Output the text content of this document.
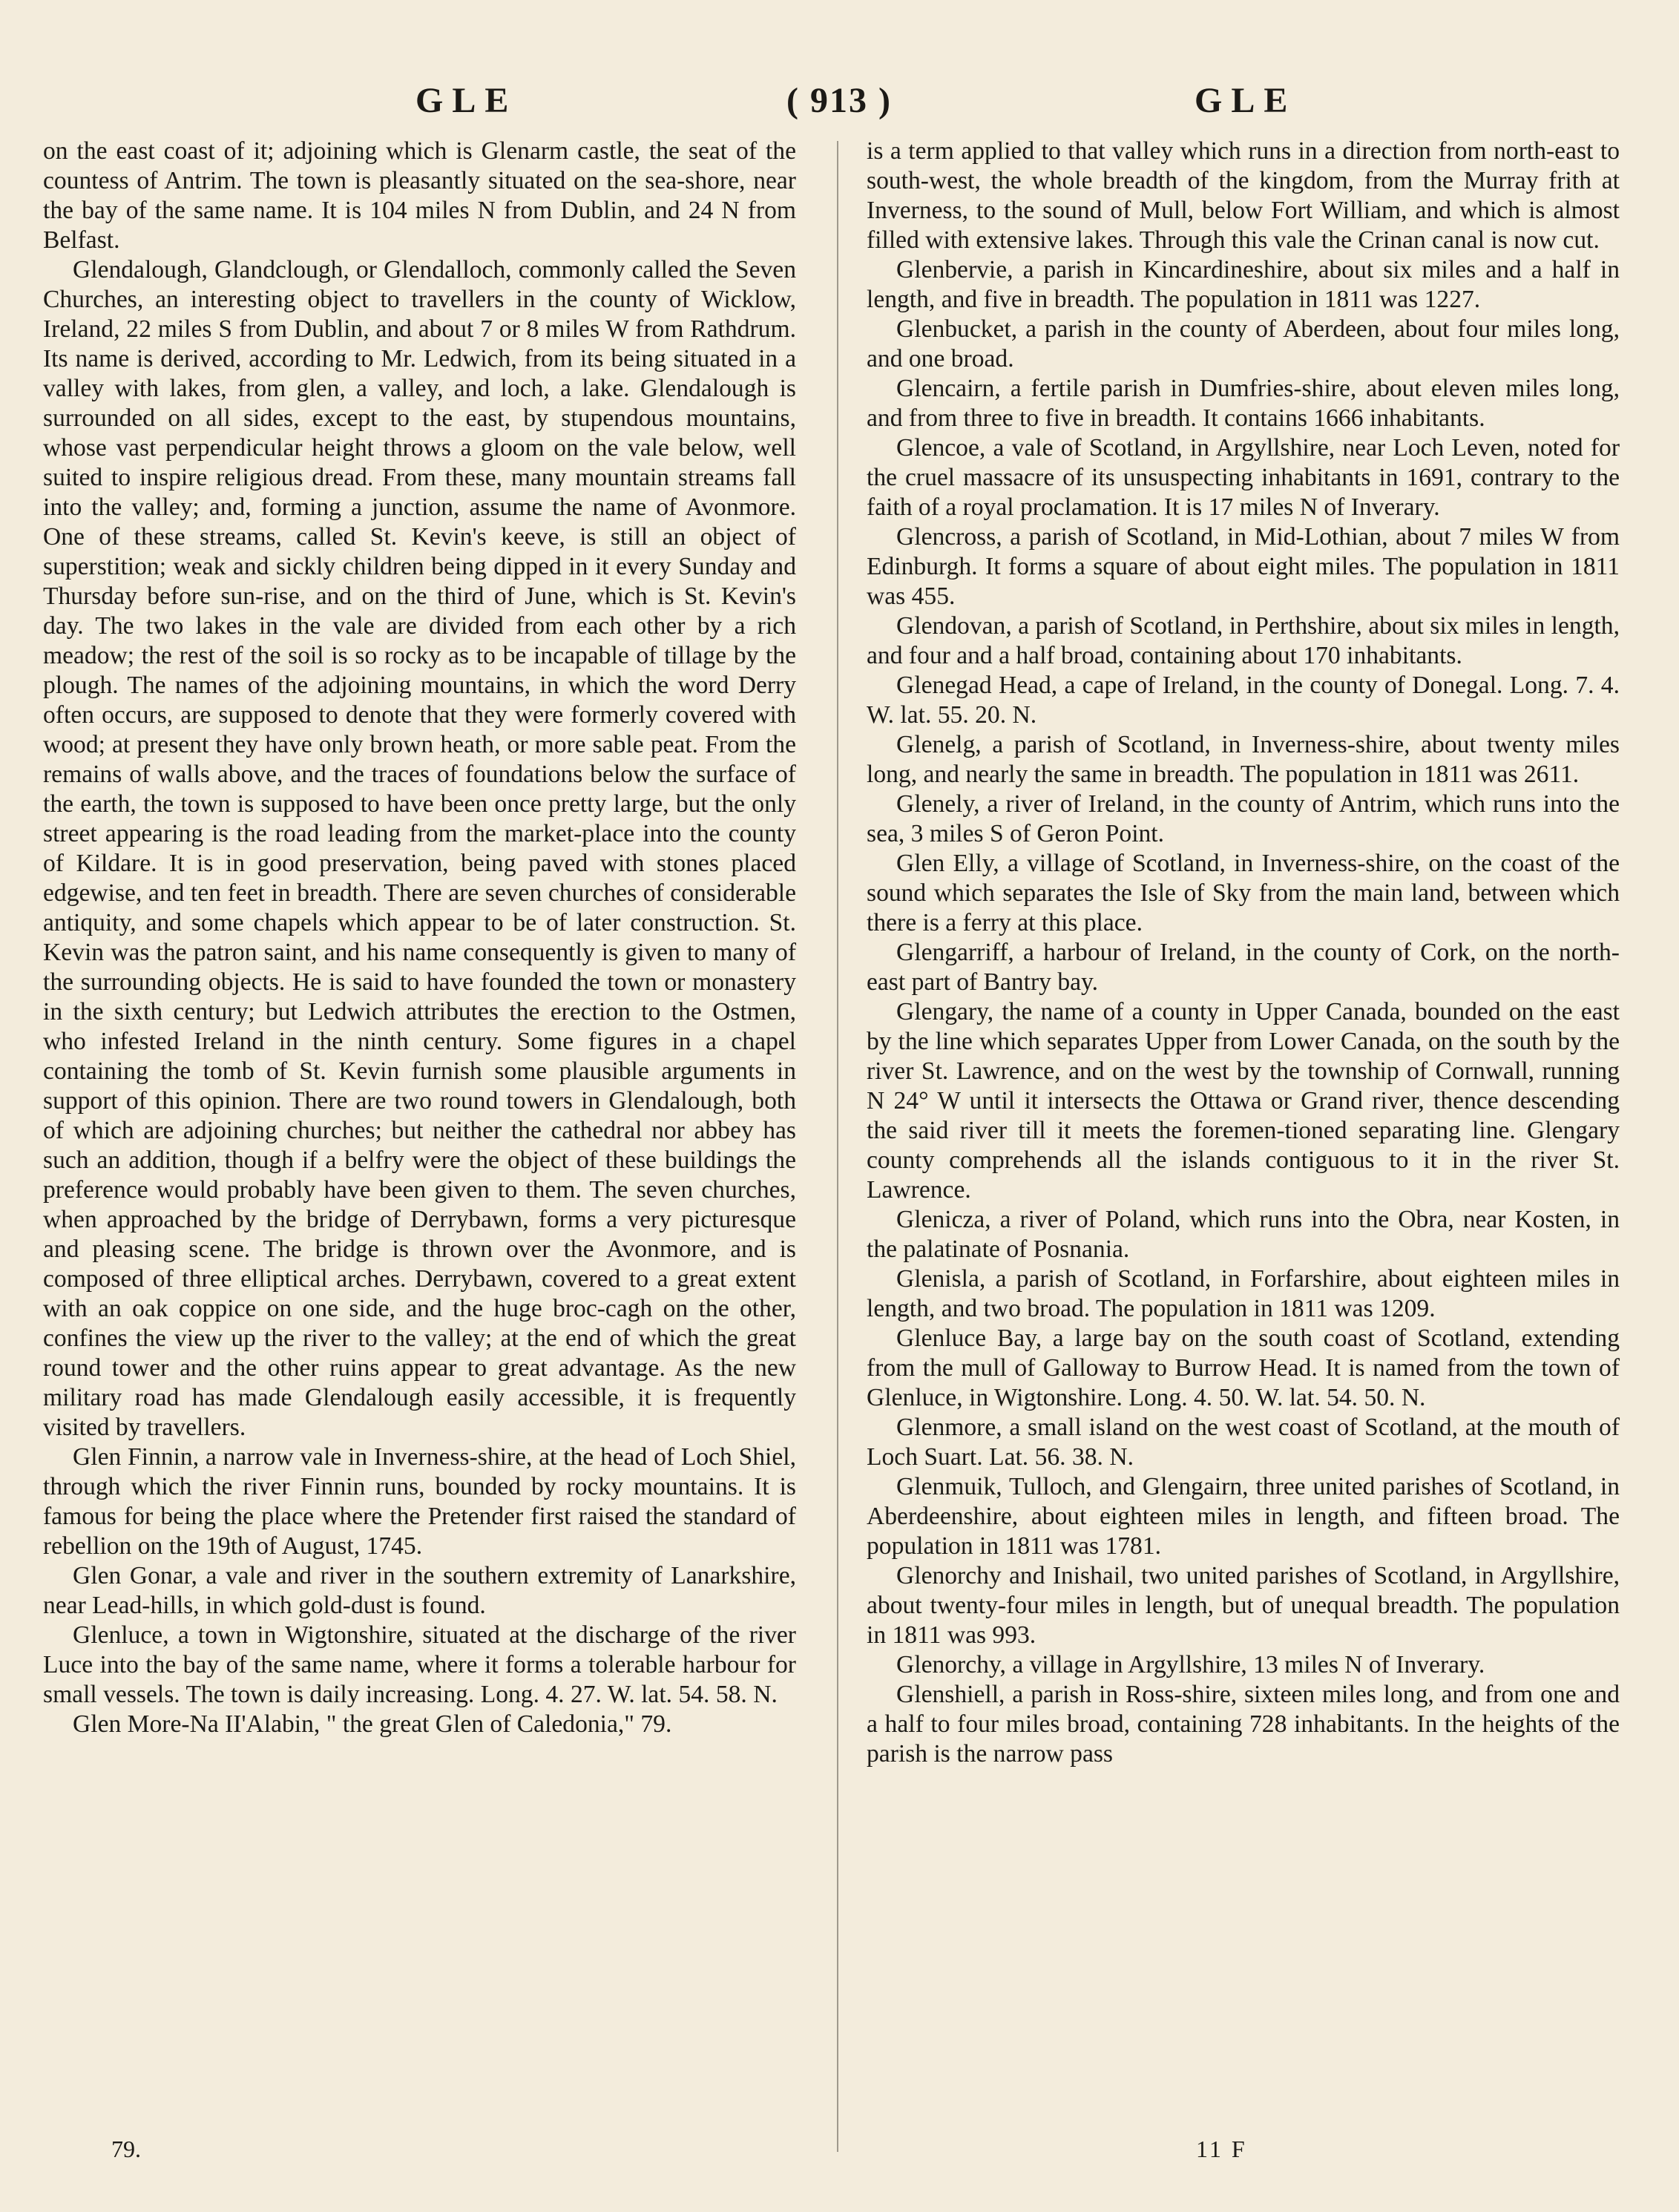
GLE	( 913 )	GLE

on the east coast of it; adjoining which is Glenarm castle, the seat of the countess of Antrim. The town is pleasantly situated on the sea-shore, near the bay of the same name. It is 104 miles N from Dublin, and 24 N from Belfast.

Glendalough, Glandclough, or Glendalloch, commonly called the Seven Churches, an interesting object to travellers in the county of Wicklow, Ireland, 22 miles S from Dublin, and about 7 or 8 miles W from Rathdrum. Its name is derived, according to Mr. Ledwich, from its being situated in a valley with lakes, from glen, a valley, and loch, a lake. Glendalough is surrounded on all sides, except to the east, by stupendous mountains, whose vast perpendicular height throws a gloom on the vale below, well suited to inspire religious dread. From these, many mountain streams fall into the valley; and, forming a junction, assume the name of Avonmore. One of these streams, called St. Kevin's keeve, is still an object of superstition; weak and sickly children being dipped in it every Sunday and Thursday before sun-rise, and on the third of June, which is St. Kevin's day. The two lakes in the vale are divided from each other by a rich meadow; the rest of the soil is so rocky as to be incapable of tillage by the plough. The names of the adjoining mountains, in which the word Derry often occurs, are supposed to denote that they were formerly covered with wood; at present they have only brown heath, or more sable peat. From the remains of walls above, and the traces of foundations below the surface of the earth, the town is supposed to have been once pretty large, but the only street appearing is the road leading from the market-place into the county of Kildare. It is in good preservation, being paved with stones placed edgewise, and ten feet in breadth. There are seven churches of considerable antiquity, and some chapels which appear to be of later construction. St. Kevin was the patron saint, and his name consequently is given to many of the surrounding objects. He is said to have founded the town or monastery in the sixth century; but Ledwich attributes the erection to the Ostmen, who infested Ireland in the ninth century. Some figures in a chapel containing the tomb of St. Kevin furnish some plausible arguments in support of this opinion. There are two round towers in Glendalough, both of which are adjoining churches; but neither the cathedral nor abbey has such an addition, though if a belfry were the object of these buildings the preference would probably have been given to them. The seven churches, when approached by the bridge of Derrybawn, forms a very picturesque and pleasing scene. The bridge is thrown over the Avonmore, and is composed of three elliptical arches. Derrybawn, covered to a great extent with an oak coppice on one side, and the huge broc-cagh on the other, confines the view up the river to the valley; at the end of which the great round tower and the other ruins appear to great advantage. As the new military road has made Glendalough easily accessible, it is frequently visited by travellers.

Glen Finnin, a narrow vale in Inverness-shire, at the head of Loch Shiel, through which the river Finnin runs, bounded by rocky mountains. It is famous for being the place where the Pretender first raised the standard of rebellion on the 19th of August, 1745.

Glen Gonar, a vale and river in the southern extremity of Lanarkshire, near Lead-hills, in which gold-dust is found.

Glenluce, a town in Wigtonshire, situated at the discharge of the river Luce into the bay of the same name, where it forms a tolerable harbour for small vessels. The town is daily increasing. Long. 4. 27. W. lat. 54. 58. N.

Glen More-Na II'Alabin, " the great Glen of Caledonia," 79.

is a term applied to that valley which runs in a direction from north-east to south-west, the whole breadth of the kingdom, from the Murray frith at Inverness, to the sound of Mull, below Fort William, and which is almost filled with extensive lakes. Through this vale the Crinan canal is now cut.

Glenbervie, a parish in Kincardineshire, about six miles and a half in length, and five in breadth. The population in 1811 was 1227.

Glenbucket, a parish in the county of Aberdeen, about four miles long, and one broad.

Glencairn, a fertile parish in Dumfries-shire, about eleven miles long, and from three to five in breadth. It contains 1666 inhabitants.

Glencoe, a vale of Scotland, in Argyllshire, near Loch Leven, noted for the cruel massacre of its unsuspecting inhabitants in 1691, contrary to the faith of a royal proclamation. It is 17 miles N of Inverary.

Glencross, a parish of Scotland, in Mid-Lothian, about 7 miles W from Edinburgh. It forms a square of about eight miles. The population in 1811 was 455.

Glendovan, a parish of Scotland, in Perthshire, about six miles in length, and four and a half broad, containing about 170 inhabitants.

Glenegad Head, a cape of Ireland, in the county of Donegal. Long. 7. 4. W. lat. 55. 20. N.

Glenelg, a parish of Scotland, in Inverness-shire, about twenty miles long, and nearly the same in breadth. The population in 1811 was 2611.

Glenely, a river of Ireland, in the county of Antrim, which runs into the sea, 3 miles S of Geron Point.

Glen Elly, a village of Scotland, in Inverness-shire, on the coast of the sound which separates the Isle of Sky from the main land, between which there is a ferry at this place.

Glengarriff, a harbour of Ireland, in the county of Cork, on the north-east part of Bantry bay.

Glengary, the name of a county in Upper Canada, bounded on the east by the line which separates Upper from Lower Canada, on the south by the river St. Lawrence, and on the west by the township of Cornwall, running N 24° W until it intersects the Ottawa or Grand river, thence descending the said river till it meets the foremen-tioned separating line. Glengary county comprehends all the islands contiguous to it in the river St. Lawrence.

Glenicza, a river of Poland, which runs into the Obra, near Kosten, in the palatinate of Posnania.

Glenisla, a parish of Scotland, in Forfarshire, about eighteen miles in length, and two broad. The population in 1811 was 1209.

Glenluce Bay, a large bay on the south coast of Scotland, extending from the mull of Galloway to Burrow Head. It is named from the town of Glenluce, in Wigtonshire. Long. 4. 50. W. lat. 54. 50. N.

Glenmore, a small island on the west coast of Scotland, at the mouth of Loch Suart. Lat. 56. 38. N.

Glenmuik, Tulloch, and Glengairn, three united parishes of Scotland, in Aberdeenshire, about eighteen miles in length, and fifteen broad. The population in 1811 was 1781.

Glenorchy and Inishail, two united parishes of Scotland, in Argyllshire, about twenty-four miles in length, but of unequal breadth. The population in 1811 was 993.

Glenorchy, a village in Argyllshire, 13 miles N of Inverary.

Glenshiell, a parish in Ross-shire, sixteen miles long, and from one and a half to four miles broad, containing 728 inhabitants. In the heights of the parish is the narrow pass

79.	11 F
